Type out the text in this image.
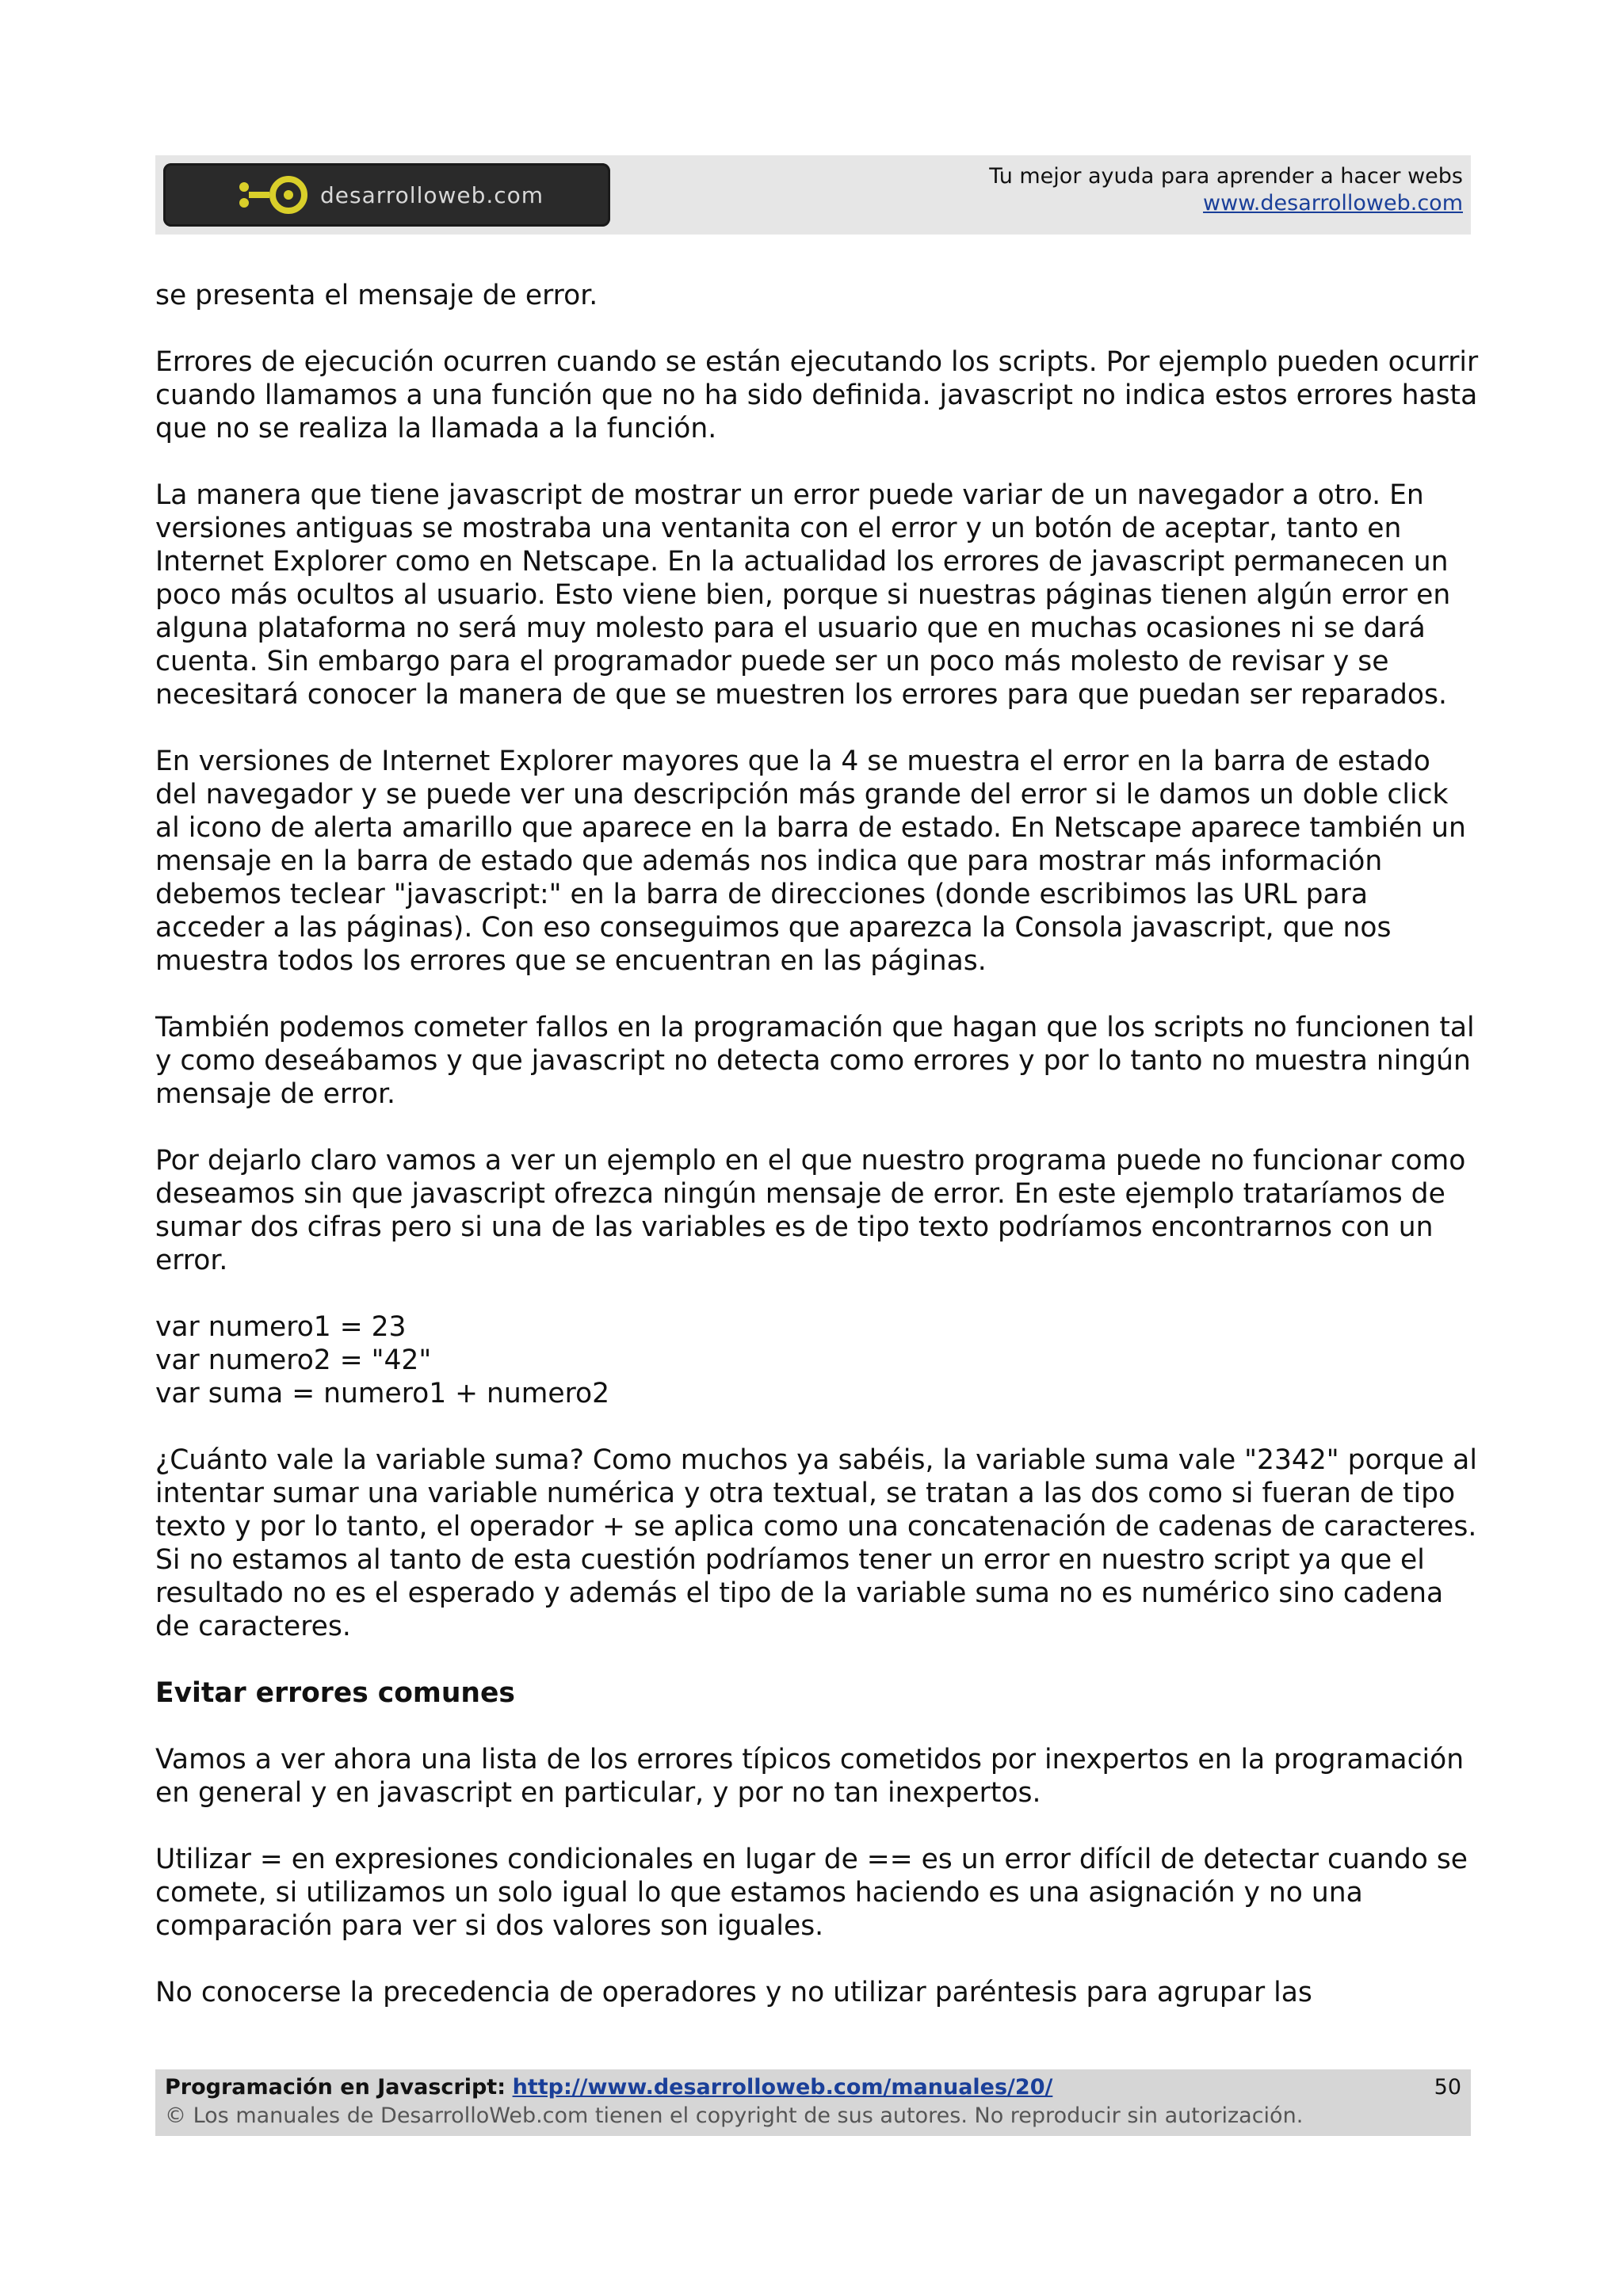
desarrolloweb.com
Tu mejor ayuda para aprender a hacer webs
www.desarrolloweb.com

se presenta el mensaje de error.

Errores de ejecución ocurren cuando se están ejecutando los scripts. Por ejemplo pueden ocurrir cuando llamamos a una función que no ha sido definida. javascript no indica estos errores hasta que no se realiza la llamada a la función.

La manera que tiene javascript de mostrar un error puede variar de un navegador a otro. En versiones antiguas se mostraba una ventanita con el error y un botón de aceptar, tanto en Internet Explorer como en Netscape. En la actualidad los errores de javascript permanecen un poco más ocultos al usuario. Esto viene bien, porque si nuestras páginas tienen algún error en alguna plataforma no será muy molesto para el usuario que en muchas ocasiones ni se dará cuenta. Sin embargo para el programador puede ser un poco más molesto de revisar y se necesitará conocer la manera de que se muestren los errores para que puedan ser reparados.

En versiones de Internet Explorer mayores que la 4 se muestra el error en la barra de estado del navegador y se puede ver una descripción más grande del error si le damos un doble click al icono de alerta amarillo que aparece en la barra de estado. En Netscape aparece también un mensaje en la barra de estado que además nos indica que para mostrar más información debemos teclear "javascript:" en la barra de direcciones (donde escribimos las URL para acceder a las páginas). Con eso conseguimos que aparezca la Consola javascript, que nos muestra todos los errores que se encuentran en las páginas.

También podemos cometer fallos en la programación que hagan que los scripts no funcionen tal y como deseábamos y que javascript no detecta como errores y por lo tanto no muestra ningún mensaje de error.

Por dejarlo claro vamos a ver un ejemplo en el que nuestro programa puede no funcionar como deseamos sin que javascript ofrezca ningún mensaje de error. En este ejemplo trataríamos de sumar dos cifras pero si una de las variables es de tipo texto podríamos encontrarnos con un error.

var numero1 = 23
var numero2 = "42"
var suma = numero1 + numero2

¿Cuánto vale la variable suma? Como muchos ya sabéis, la variable suma vale "2342" porque al intentar sumar una variable numérica y otra textual, se tratan a las dos como si fueran de tipo texto y por lo tanto, el operador + se aplica como una concatenación de cadenas de caracteres. Si no estamos al tanto de esta cuestión podríamos tener un error en nuestro script ya que el resultado no es el esperado y además el tipo de la variable suma no es numérico sino cadena de caracteres.

Evitar errores comunes

Vamos a ver ahora una lista de los errores típicos cometidos por inexpertos en la programación en general y en javascript en particular, y por no tan inexpertos.

Utilizar = en expresiones condicionales en lugar de == es un error difícil de detectar cuando se comete, si utilizamos un solo igual lo que estamos haciendo es una asignación y no una comparación para ver si dos valores son iguales.

No conocerse la precedencia de operadores y no utilizar paréntesis para agrupar las

Programación en Javascript: http://www.desarrolloweb.com/manuales/20/
© Los manuales de DesarrolloWeb.com tienen el copyright de sus autores. No reproducir sin autorización.
50
